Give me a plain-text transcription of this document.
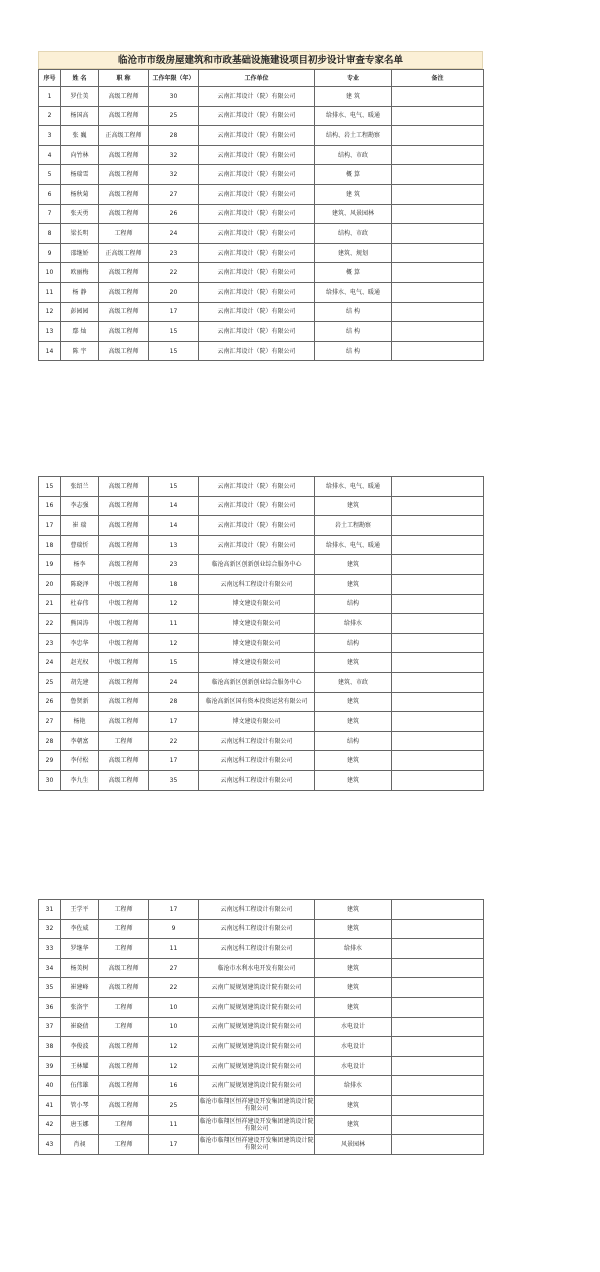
临沧市市级房屋建筑和市政基础设施建设项目初步设计审查专家名单
序号	姓 名	职 称	工作年限（年）	工作单位	专业	备注
1	罗仕美	高级工程师	30	云南汇邦设计（院）有限公司	建 筑	
2	杨国高	高级工程师	25	云南汇邦设计（院）有限公司	给排水、电气、暖通	
3	张 巍	正高级工程师	28	云南汇邦设计（院）有限公司	结构、岩土工程勘察	
4	向竹林	高级工程师	32	云南汇邦设计（院）有限公司	结构、市政	
5	杨瑞雪	高级工程师	32	云南汇邦设计（院）有限公司	概 算	
6	杨秋菊	高级工程师	27	云南汇邦设计（院）有限公司	建 筑	
7	张天勇	高级工程师	26	云南汇邦设计（院）有限公司	建筑、风景园林	
8	梁长明	工程师	24	云南汇邦设计（院）有限公司	结构、市政	
9	邵继娇	正高级工程师	23	云南汇邦设计（院）有限公司	建筑、规划	
10	欧丽梅	高级工程师	22	云南汇邦设计（院）有限公司	概 算	
11	杨 静	高级工程师	20	云南汇邦设计（院）有限公司	给排水、电气、暖通	
12	彭园园	高级工程师	17	云南汇邦设计（院）有限公司	结 构	
13	鄢 灿	高级工程师	15	云南汇邦设计（院）有限公司	结 构	
14	陈 宇	高级工程师	15	云南汇邦设计（院）有限公司	结 构	
15	张绍兰	高级工程师	15	云南汇邦设计（院）有限公司	给排水、电气、暖通	
16	李志强	高级工程师	14	云南汇邦设计（院）有限公司	建筑	
17	崔 瑞	高级工程师	14	云南汇邦设计（院）有限公司	岩土工程勘察	
18	曹瑞忻	高级工程师	13	云南汇邦设计（院）有限公司	给排水、电气、暖通	
19	杨李	高级工程师	23	临沧高新区创新创业综合服务中心	建筑	
20	陈晓泽	中级工程师	18	云南远科工程设计有限公司	建筑	
21	杜春伟	中级工程师	12	博文建设有限公司	结构	
22	熊国涛	中级工程师	11	博文建设有限公司	给排水	
23	李忠华	中级工程师	12	博文建设有限公司	结构	
24	赵光权	中级工程师	15	博文建设有限公司	建筑	
25	胡先建	高级工程师	24	临沧高新区创新创业综合服务中心	建筑、市政	
26	鲁贤新	高级工程师	28	临沧高新区国有资本投资运营有限公司	建筑	
27	杨艳	高级工程师	17	博文建设有限公司	建筑	
28	李朝富	工程师	22	云南远科工程设计有限公司	结构	
29	李付松	高级工程师	17	云南远科工程设计有限公司	建筑	
30	李九生	高级工程师	35	云南远科工程设计有限公司	建筑	
31	王学平	工程师	17	云南远科工程设计有限公司	建筑	
32	李佐威	工程师	9	云南远科工程设计有限公司	建筑	
33	罗继华	工程师	11	云南远科工程设计有限公司	给排水	
34	杨美树	高级工程师	27	临沧市水利水电开发有限公司	建筑	
35	崔建峰	高级工程师	22	云南广厦规划建筑设计院有限公司	建筑	
36	张洛宇	工程师	10	云南广厦规划建筑设计院有限公司	建筑	
37	崔晓倩	工程师	10	云南广厦规划建筑设计院有限公司	水电设计	
38	李俊波	高级工程师	12	云南广厦规划建筑设计院有限公司	水电设计	
39	王林耀	高级工程师	12	云南广厦规划建筑设计院有限公司	水电设计	
40	伍伟雄	高级工程师	16	云南广厦规划建筑设计院有限公司	给排水	
41	管小琴	高级工程师	25	临沧市临翔区恒祥建设开发集团建筑设计院有限公司	建筑	
42	唐玉娜	工程师	11	临沧市临翔区恒祥建设开发集团建筑设计院有限公司	建筑	
43	肖昶	工程师	17	临沧市临翔区恒祥建设开发集团建筑设计院有限公司	风景园林	
